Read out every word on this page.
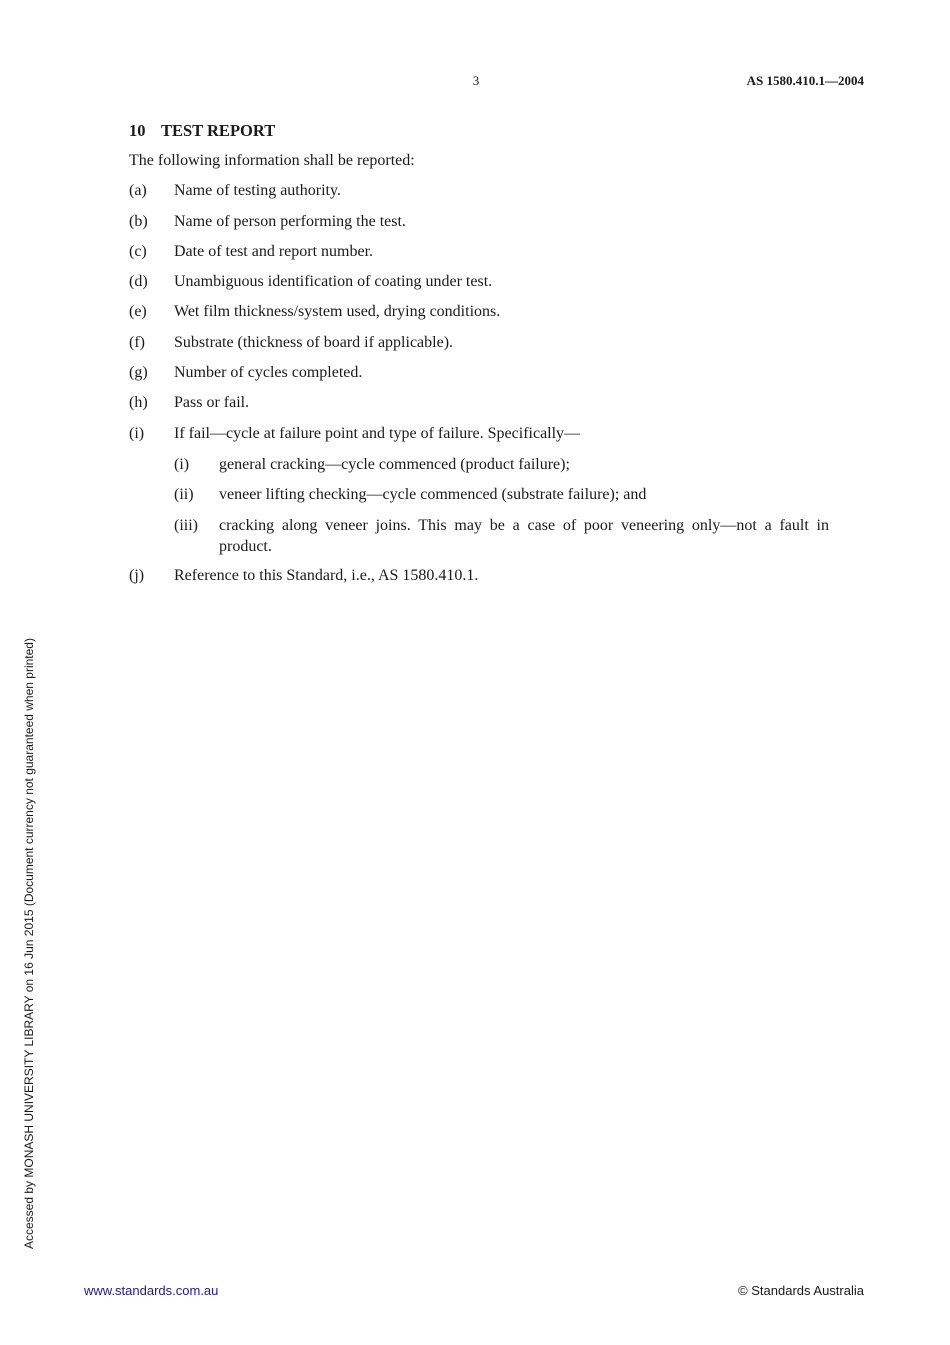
3	AS 1580.410.1—2004
10 TEST REPORT

The following information shall be reported:

(a)	Name of testing authority.
(b)	Name of person performing the test.
(c)	Date of test and report number.
(d)	Unambiguous identification of coating under test.
(e)	Wet film thickness/system used, drying conditions.
(f)	Substrate (thickness of board if applicable).
(g)	Number of cycles completed.
(h)	Pass or fail.
(i)	If fail—cycle at failure point and type of failure. Specifically—
(i)	general cracking—cycle commenced (product failure);
(ii)	veneer lifting checking—cycle commenced (substrate failure); and
(iii)	cracking along veneer joins. This may be a case of poor veneering only—not a fault in product.
(j)	Reference to this Standard, i.e., AS 1580.410.1.
Accessed by MONASH UNIVERSITY LIBRARY on 16 Jun 2015 (Document currency not guaranteed when printed)
www.standards.com.au	© Standards Australia
